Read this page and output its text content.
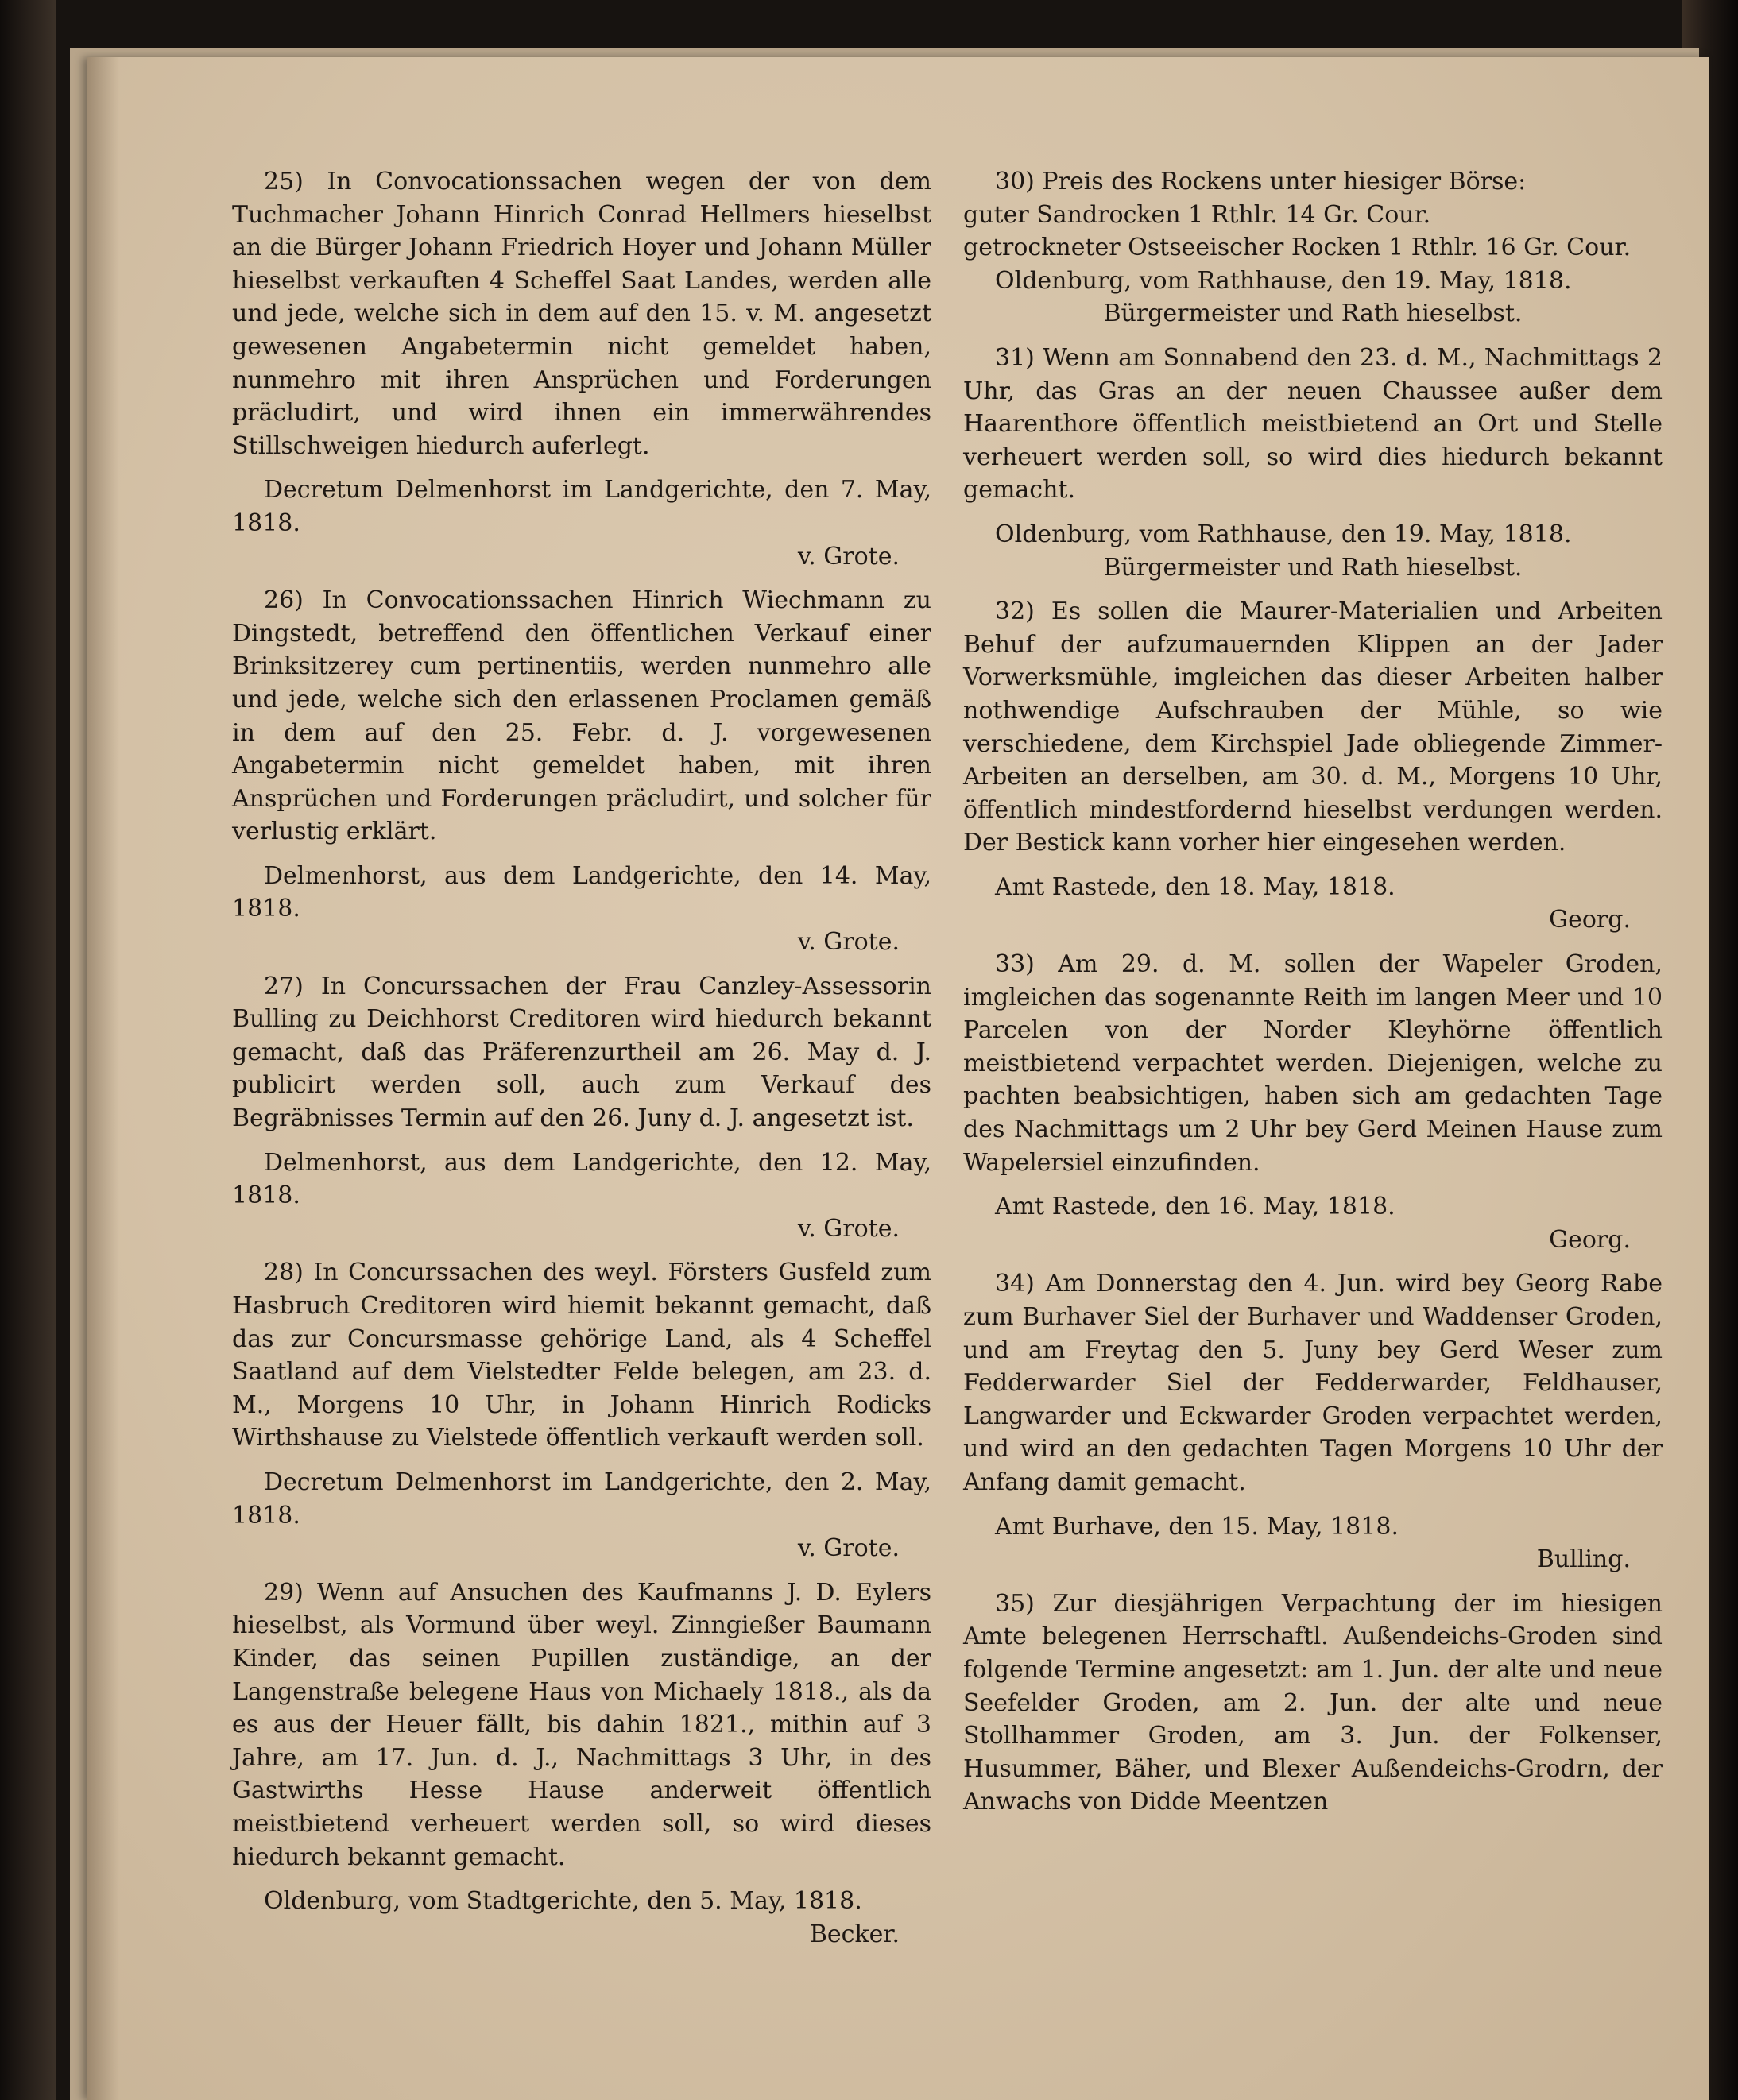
25) In Convocationssachen wegen der von dem Tuchmacher Johann Hinrich Conrad Hellmers hieselbst an die Bürger Johann Friedrich Hoyer und Johann Müller hieselbst verkauften 4 Scheffel Saat Landes, werden alle und jede, welche sich in dem auf den 15. v. M. angesetzt gewesenen Angabetermin nicht gemeldet haben, nunmehro mit ihren Ansprüchen und Forderungen präcludirt, und wird ihnen ein immerwährendes Stillschweigen hiedurch auferlegt.

Decretum Delmenhorst im Landgerichte, den 7. May, 1818.

v. Grote.

26) In Convocationssachen Hinrich Wiechmann zu Dingstedt, betreffend den öffentlichen Verkauf einer Brinksitzerey cum pertinentiis, werden nunmehro alle und jede, welche sich den erlassenen Proclamen gemäß in dem auf den 25. Febr. d. J. vorgewesenen Angabetermin nicht gemeldet haben, mit ihren Ansprüchen und Forderungen präcludirt, und solcher für verlustig erklärt.

Delmenhorst, aus dem Landgerichte, den 14. May, 1818.

v. Grote.

27) In Concurssachen der Frau Canzley-Assessorin Bulling zu Deichhorst Creditoren wird hiedurch bekannt gemacht, daß das Präferenzurtheil am 26. May d. J. publicirt werden soll, auch zum Verkauf des Begräbnisses Termin auf den 26. Juny d. J. angesetzt ist.

Delmenhorst, aus dem Landgerichte, den 12. May, 1818.

v. Grote.

28) In Concurssachen des weyl. Försters Gusfeld zum Hasbruch Creditoren wird hiemit bekannt gemacht, daß das zur Concursmasse gehörige Land, als 4 Scheffel Saatland auf dem Vielstedter Felde belegen, am 23. d. M., Morgens 10 Uhr, in Johann Hinrich Rodicks Wirthshause zu Vielstede öffentlich verkauft werden soll.

Decretum Delmenhorst im Landgerichte, den 2. May, 1818.

v. Grote.

29) Wenn auf Ansuchen des Kaufmanns J. D. Eylers hieselbst, als Vormund über weyl. Zinngießer Baumann Kinder, das seinen Pupillen zuständige, an der Langenstraße belegene Haus von Michaely 1818., als da es aus der Heuer fällt, bis dahin 1821., mithin auf 3 Jahre, am 17. Jun. d. J., Nachmittags 3 Uhr, in des Gastwirths Hesse Hause anderweit öffentlich meistbietend verheuert werden soll, so wird dieses hiedurch bekannt gemacht.

Oldenburg, vom Stadtgerichte, den 5. May, 1818.

Becker.

30) Preis des Rockens unter hiesiger Börse:

guter Sandrocken 1 Rthlr. 14 Gr. Cour.
getrockneter Ostseeischer Rocken 1 Rthlr. 16 Gr. Cour.

Oldenburg, vom Rathhause, den 19. May, 1818.

Bürgermeister und Rath hieselbst.

31) Wenn am Sonnabend den 23. d. M., Nachmittags 2 Uhr, das Gras an der neuen Chaussee außer dem Haarenthore öffentlich meistbietend an Ort und Stelle verheuert werden soll, so wird dies hiedurch bekannt gemacht.

Oldenburg, vom Rathhause, den 19. May, 1818.

Bürgermeister und Rath hieselbst.

32) Es sollen die Maurer-Materialien und Arbeiten Behuf der aufzumauernden Klippen an der Jader Vorwerksmühle, imgleichen das dieser Arbeiten halber nothwendige Aufschrauben der Mühle, so wie verschiedene, dem Kirchspiel Jade obliegende Zimmer-Arbeiten an derselben, am 30. d. M., Morgens 10 Uhr, öffentlich mindestfordernd hieselbst verdungen werden. Der Bestick kann vorher hier eingesehen werden.

Amt Rastede, den 18. May, 1818.

Georg.

33) Am 29. d. M. sollen der Wapeler Groden, imgleichen das sogenannte Reith im langen Meer und 10 Parcelen von der Norder Kleyhörne öffentlich meistbietend verpachtet werden. Diejenigen, welche zu pachten beabsichtigen, haben sich am gedachten Tage des Nachmittags um 2 Uhr bey Gerd Meinen Hause zum Wapelersiel einzufinden.

Amt Rastede, den 16. May, 1818.

Georg.

34) Am Donnerstag den 4. Jun. wird bey Georg Rabe zum Burhaver Siel der Burhaver und Waddenser Groden, und am Freytag den 5. Juny bey Gerd Weser zum Fedderwarder Siel der Fedderwarder, Feldhauser, Langwarder und Eckwarder Groden verpachtet werden, und wird an den gedachten Tagen Morgens 10 Uhr der Anfang damit gemacht.

Amt Burhave, den 15. May, 1818.

Bulling.

35) Zur diesjährigen Verpachtung der im hiesigen Amte belegenen Herrschaftl. Außendeichs-Groden sind folgende Termine angesetzt: am 1. Jun. der alte und neue Seefelder Groden, am 2. Jun. der alte und neue Stollhammer Groden, am 3. Jun. der Folkenser, Husummer, Bäher, und Blexer Außendeichs-Grodrn, der Anwachs von Didde Meentzen
